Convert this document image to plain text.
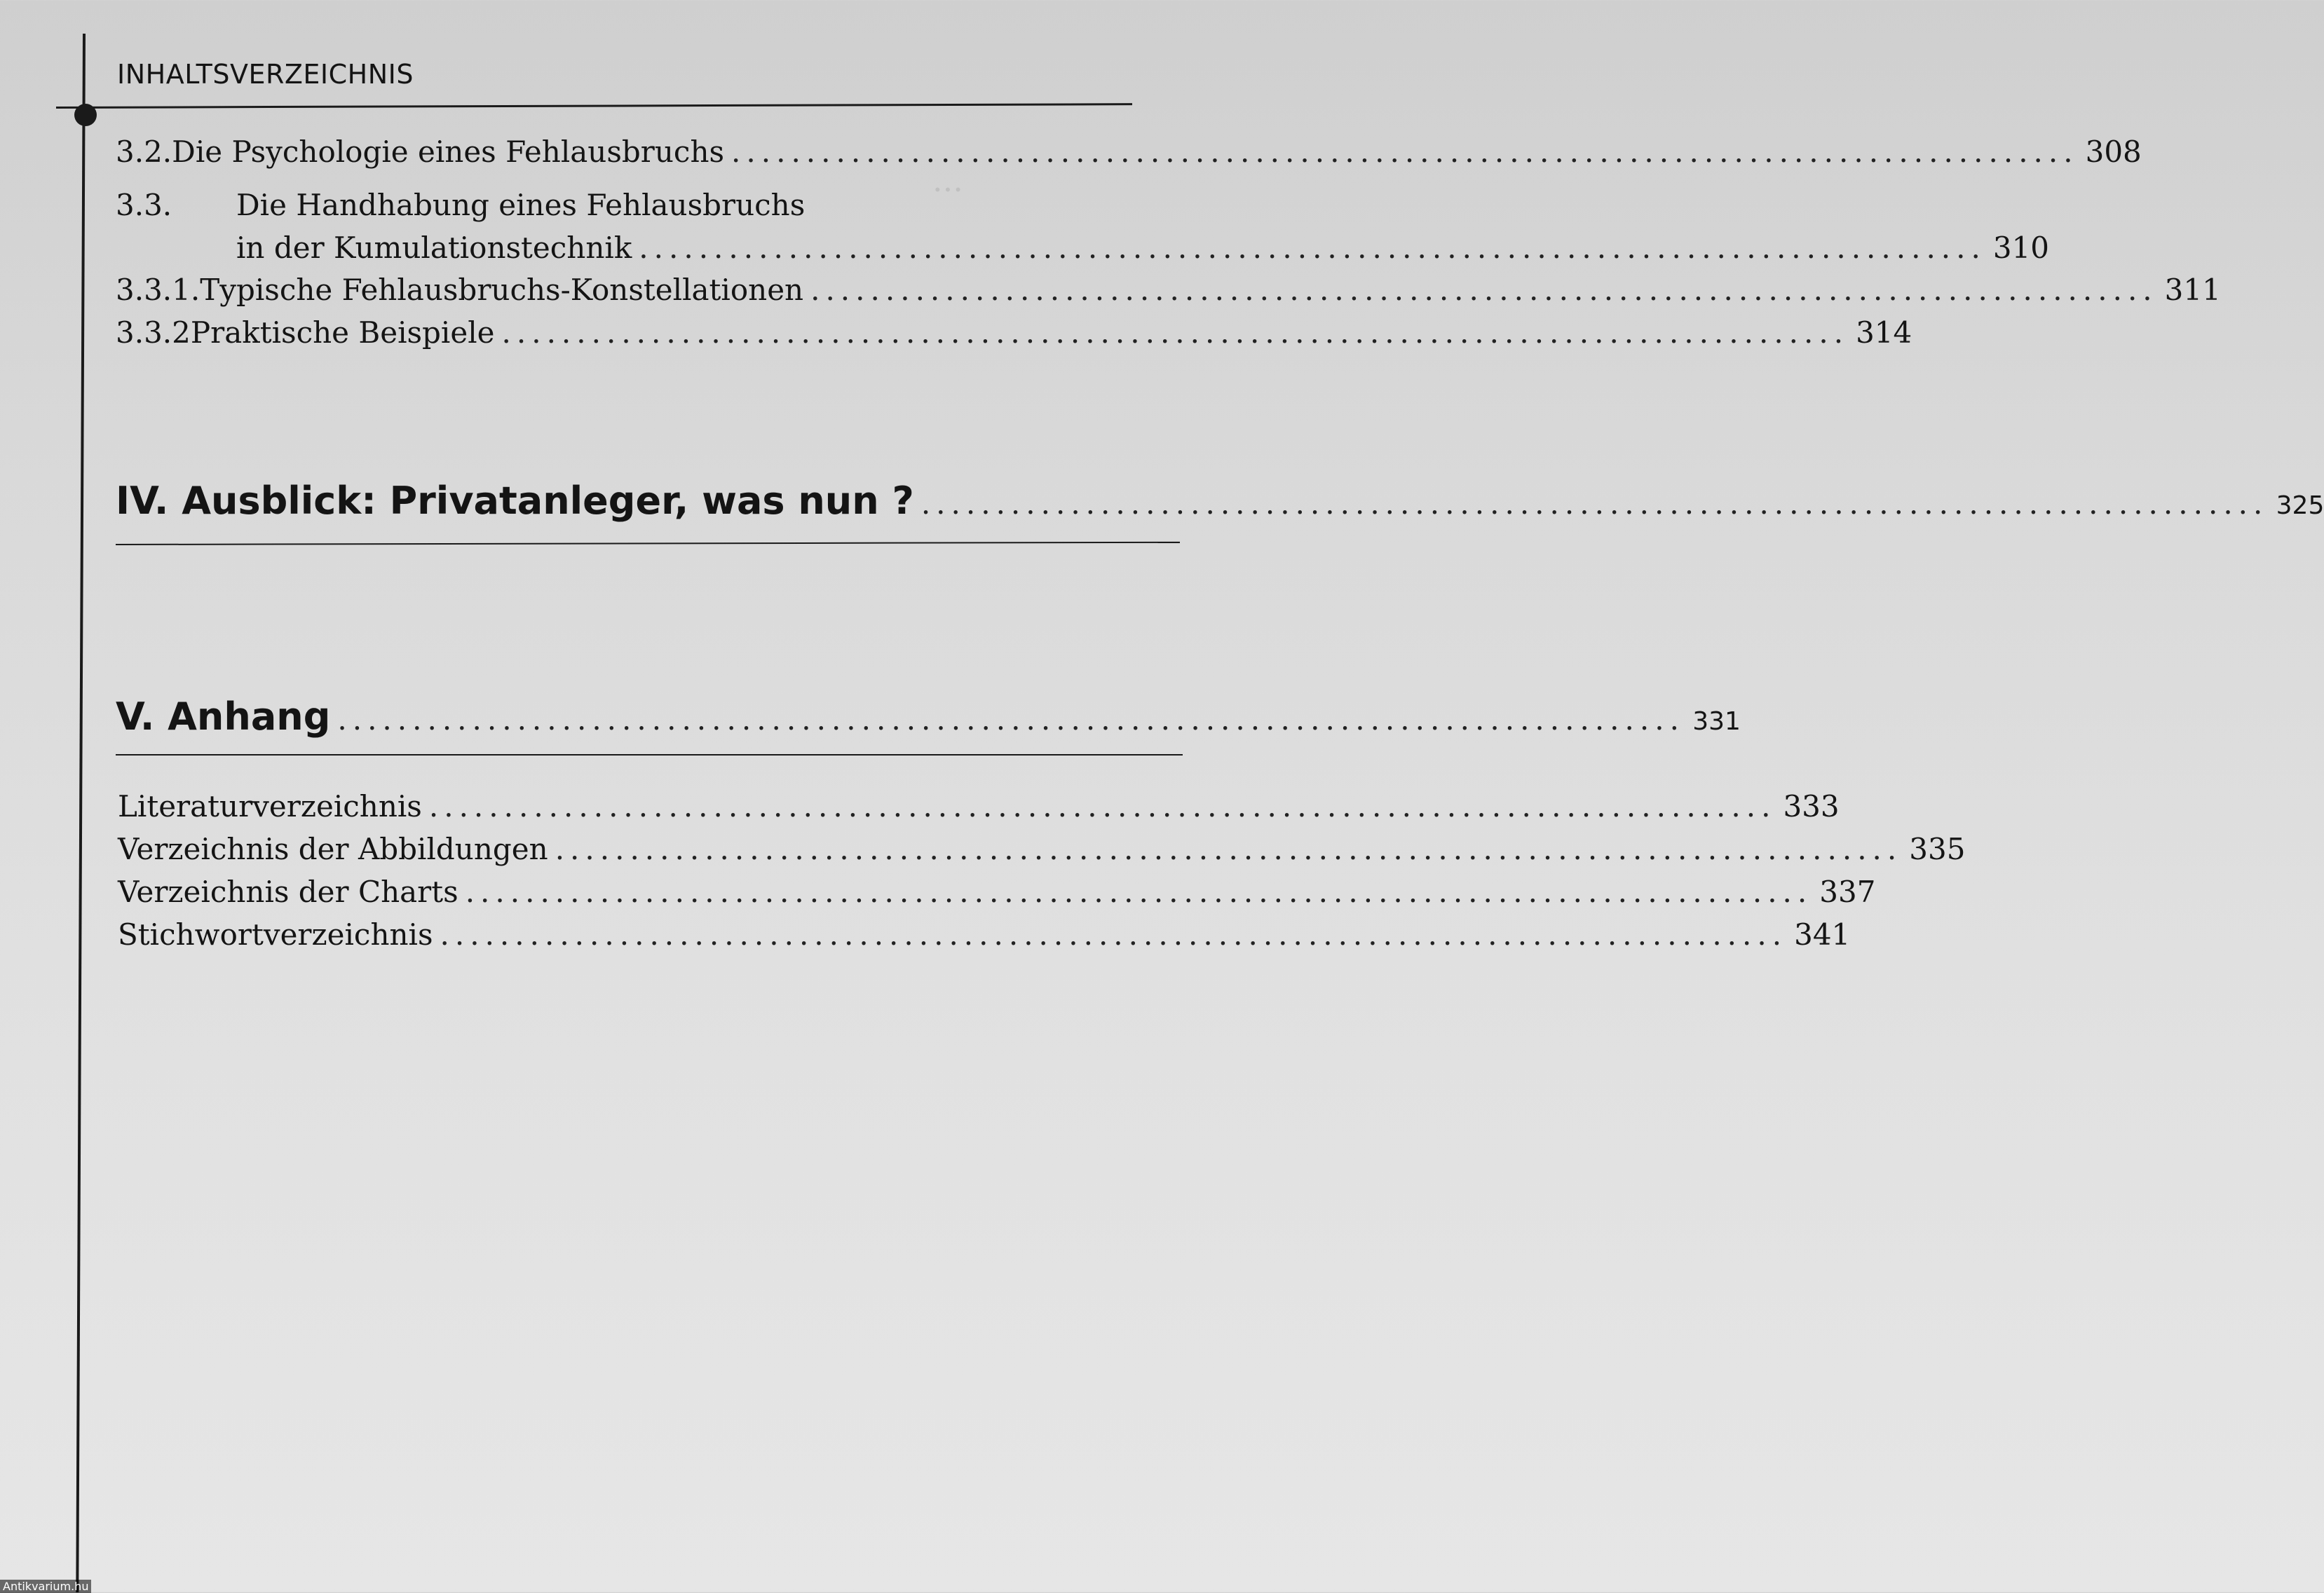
...
INHALTSVERZEICHNIS
3.2. Die Psychologie eines Fehlausbruchs .......................................................................................... 308
3.3.	Die Handhabung eines Fehlausbruchs
in der Kumulationstechnik .......................................................................................... 310
3.3.1. Typische Fehlausbruchs-Konstellationen .......................................................................................... 311
3.3.2 Praktische Beispiele .......................................................................................... 314
IV. Ausblick: Privatanleger, was nun ? .......................................................................................... 325
V. Anhang .......................................................................................... 331
Literaturverzeichnis .......................................................................................... 333
Verzeichnis der Abbildungen .......................................................................................... 335
Verzeichnis der Charts .......................................................................................... 337
Stichwortverzeichnis .......................................................................................... 341
Antikvarium.hu
